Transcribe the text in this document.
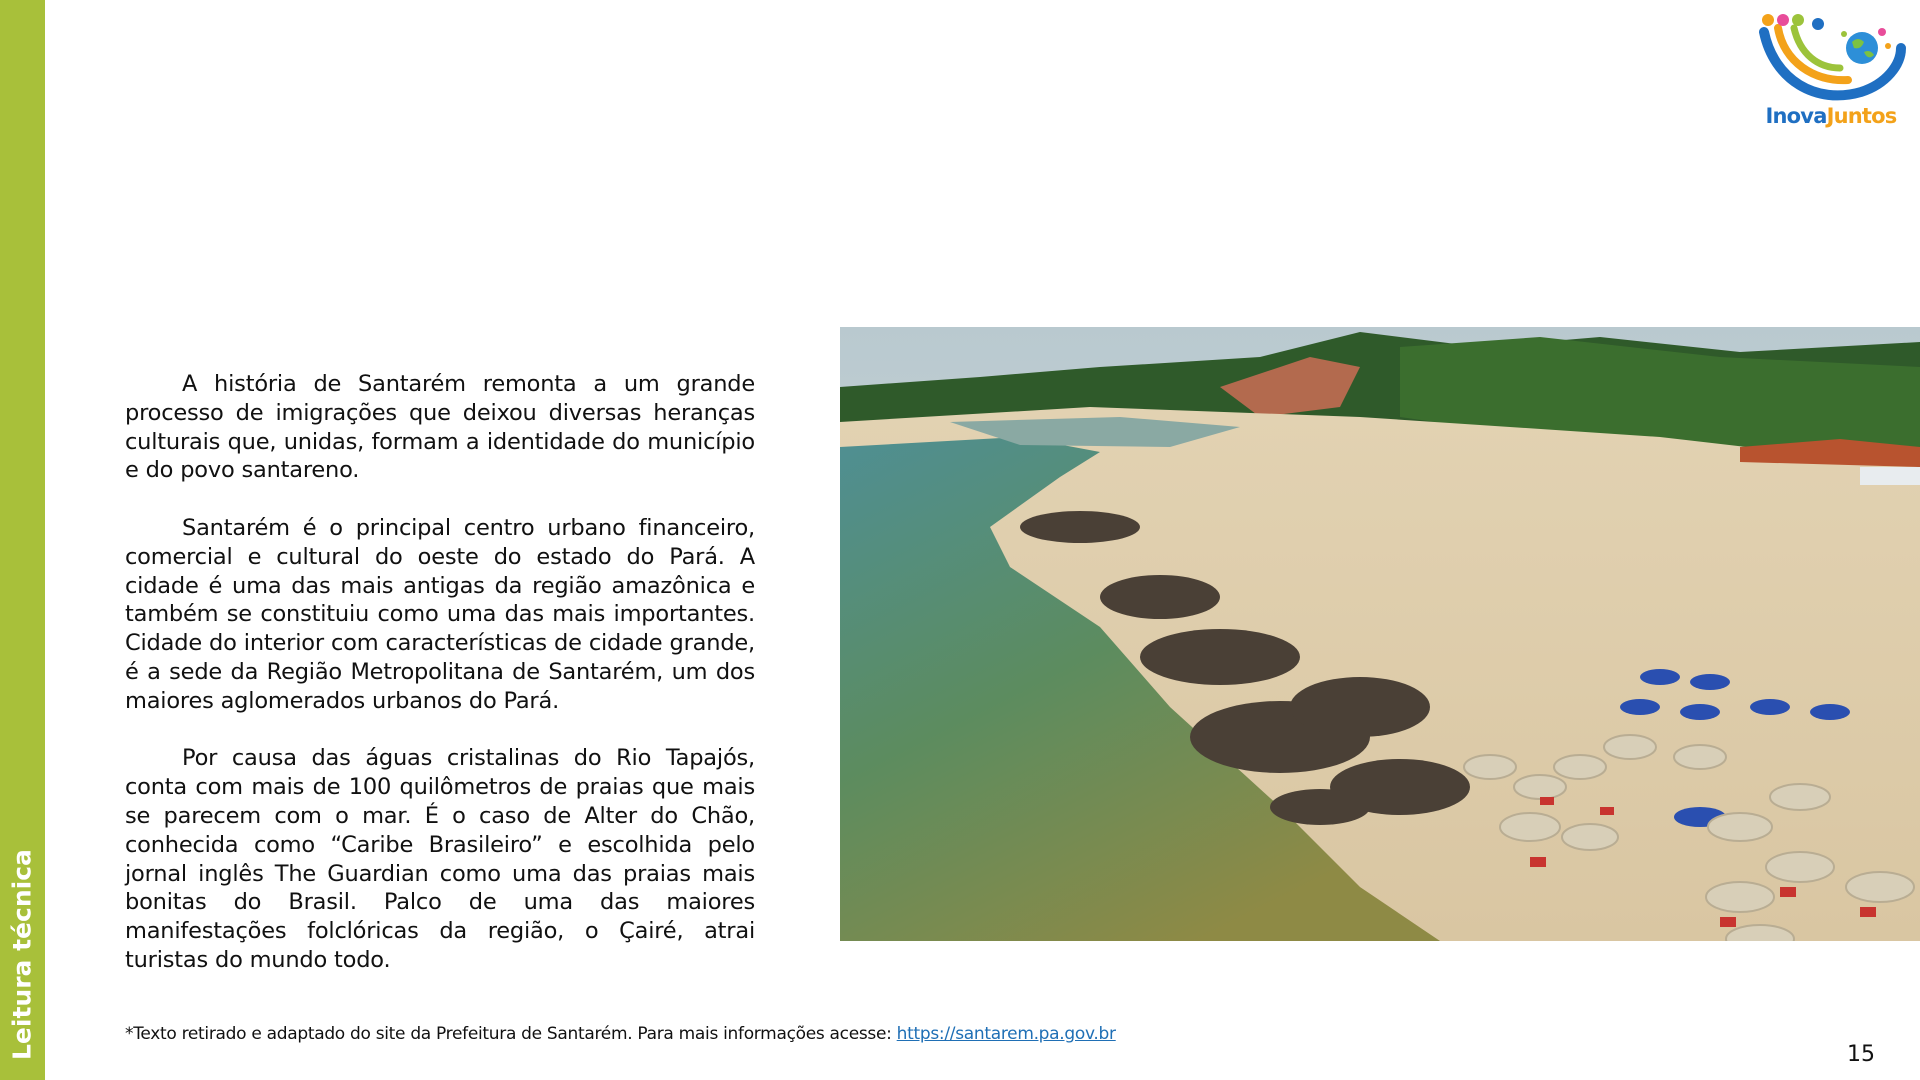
Leitura técnica
InovaJuntos

A história de Santarém remonta a um grande processo de imigrações que deixou diversas heranças culturais que, unidas, formam a identidade do município e do povo santareno.

Santarém é o principal centro urbano financeiro, comercial e cultural do oeste do estado do Pará. A cidade é uma das mais antigas da região amazônica e também se constituiu como uma das mais importantes. Cidade do interior com características de cidade grande, é a sede da Região Metropolitana de Santarém, um dos maiores aglomerados urbanos do Pará.

Por causa das águas cristalinas do Rio Tapajós, conta com mais de 100 quilômetros de praias que mais se parecem com o mar. É o caso de Alter do Chão, conhecida como “Caribe Brasileiro” e escolhida pelo jornal inglês The Guardian como uma das praias mais bonitas do Brasil. Palco de uma das maiores manifestações folclóricas da região, o Çairé, atrai turistas do mundo todo.

*Texto retirado e adaptado do site da Prefeitura de Santarém. Para mais informações acesse: https://santarem.pa.gov.br
15
